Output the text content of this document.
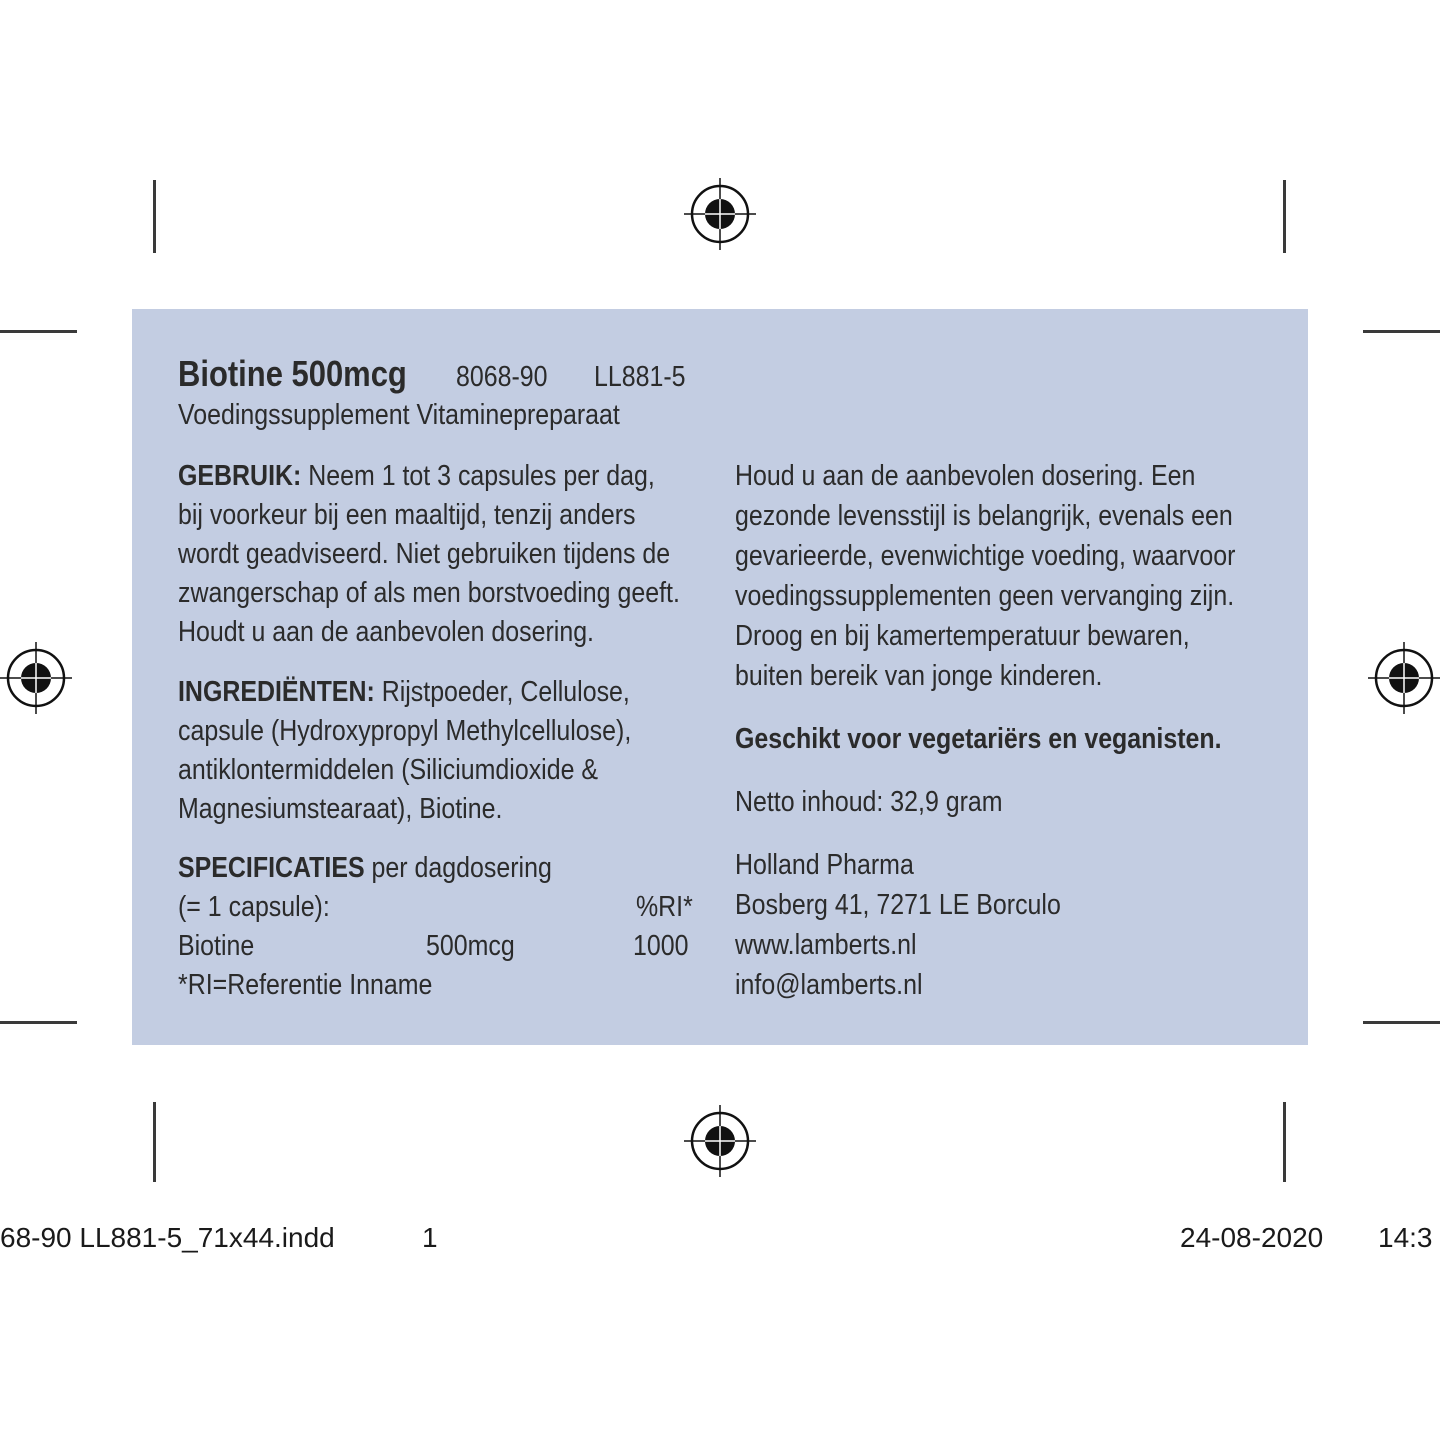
Biotine 500mcg 8068-90 LL881-5
Voedingssupplement Vitaminepreparaat
GEBRUIK: Neem 1 tot 3 capsules per dag,
bij voorkeur bij een maaltijd, tenzij anders
wordt geadviseerd. Niet gebruiken tijdens de
zwangerschap of als men borstvoeding geeft.
Houdt u aan de aanbevolen dosering.
INGREDIËNTEN: Rijstpoeder, Cellulose,
capsule (Hydroxypropyl Methylcellulose),
antiklontermiddelen (Siliciumdioxide &
Magnesiumstearaat), Biotine.
SPECIFICATIES per dagdosering
(= 1 capsule):	%RI*
Biotine	500mcg	1000
*RI=Referentie Inname
Houd u aan de aanbevolen dosering. Een
gezonde levensstijl is belangrijk, evenals een
gevarieerde, evenwichtige voeding, waarvoor
voedingssupplementen geen vervanging zijn.
Droog en bij kamertemperatuur bewaren,
buiten bereik van jonge kinderen.
Geschikt voor vegetariërs en veganisten.
Netto inhoud: 32,9 gram
Holland Pharma
Bosberg 41, 7271 LE Borculo
www.lamberts.nl
info@lamberts.nl
68-90 LL881-5_71x44.indd	1	24-08-2020 14:3
